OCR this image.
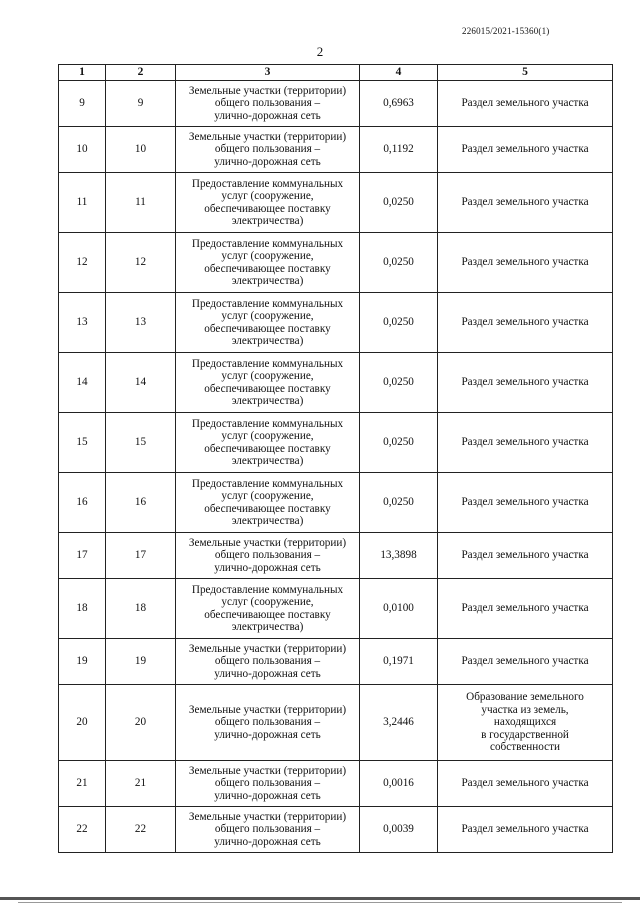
226015/2021-15360(1)
2
1	2	3	4	5
9	9	Земельные участки (территории)
общего пользования –
улично-дорожная сеть	0,6963	Раздел земельного участка
10	10	Земельные участки (территории)
общего пользования –
улично-дорожная сеть	0,1192	Раздел земельного участка
11	11	Предоставление коммунальных
услуг (сооружение,
обеспечивающее поставку
электричества)	0,0250	Раздел земельного участка
12	12	Предоставление коммунальных
услуг (сооружение,
обеспечивающее поставку
электричества)	0,0250	Раздел земельного участка
13	13	Предоставление коммунальных
услуг (сооружение,
обеспечивающее поставку
электричества)	0,0250	Раздел земельного участка
14	14	Предоставление коммунальных
услуг (сооружение,
обеспечивающее поставку
электричества)	0,0250	Раздел земельного участка
15	15	Предоставление коммунальных
услуг (сооружение,
обеспечивающее поставку
электричества)	0,0250	Раздел земельного участка
16	16	Предоставление коммунальных
услуг (сооружение,
обеспечивающее поставку
электричества)	0,0250	Раздел земельного участка
17	17	Земельные участки (территории)
общего пользования –
улично-дорожная сеть	13,3898	Раздел земельного участка
18	18	Предоставление коммунальных
услуг (сооружение,
обеспечивающее поставку
электричества)	0,0100	Раздел земельного участка
19	19	Земельные участки (территории)
общего пользования –
улично-дорожная сеть	0,1971	Раздел земельного участка
20	20	Земельные участки (территории)
общего пользования –
улично-дорожная сеть	3,2446	Образование земельного
участка из земель,
находящихся
в государственной
собственности
21	21	Земельные участки (территории)
общего пользования –
улично-дорожная сеть	0,0016	Раздел земельного участка
22	22	Земельные участки (территории)
общего пользования –
улично-дорожная сеть	0,0039	Раздел земельного участка
